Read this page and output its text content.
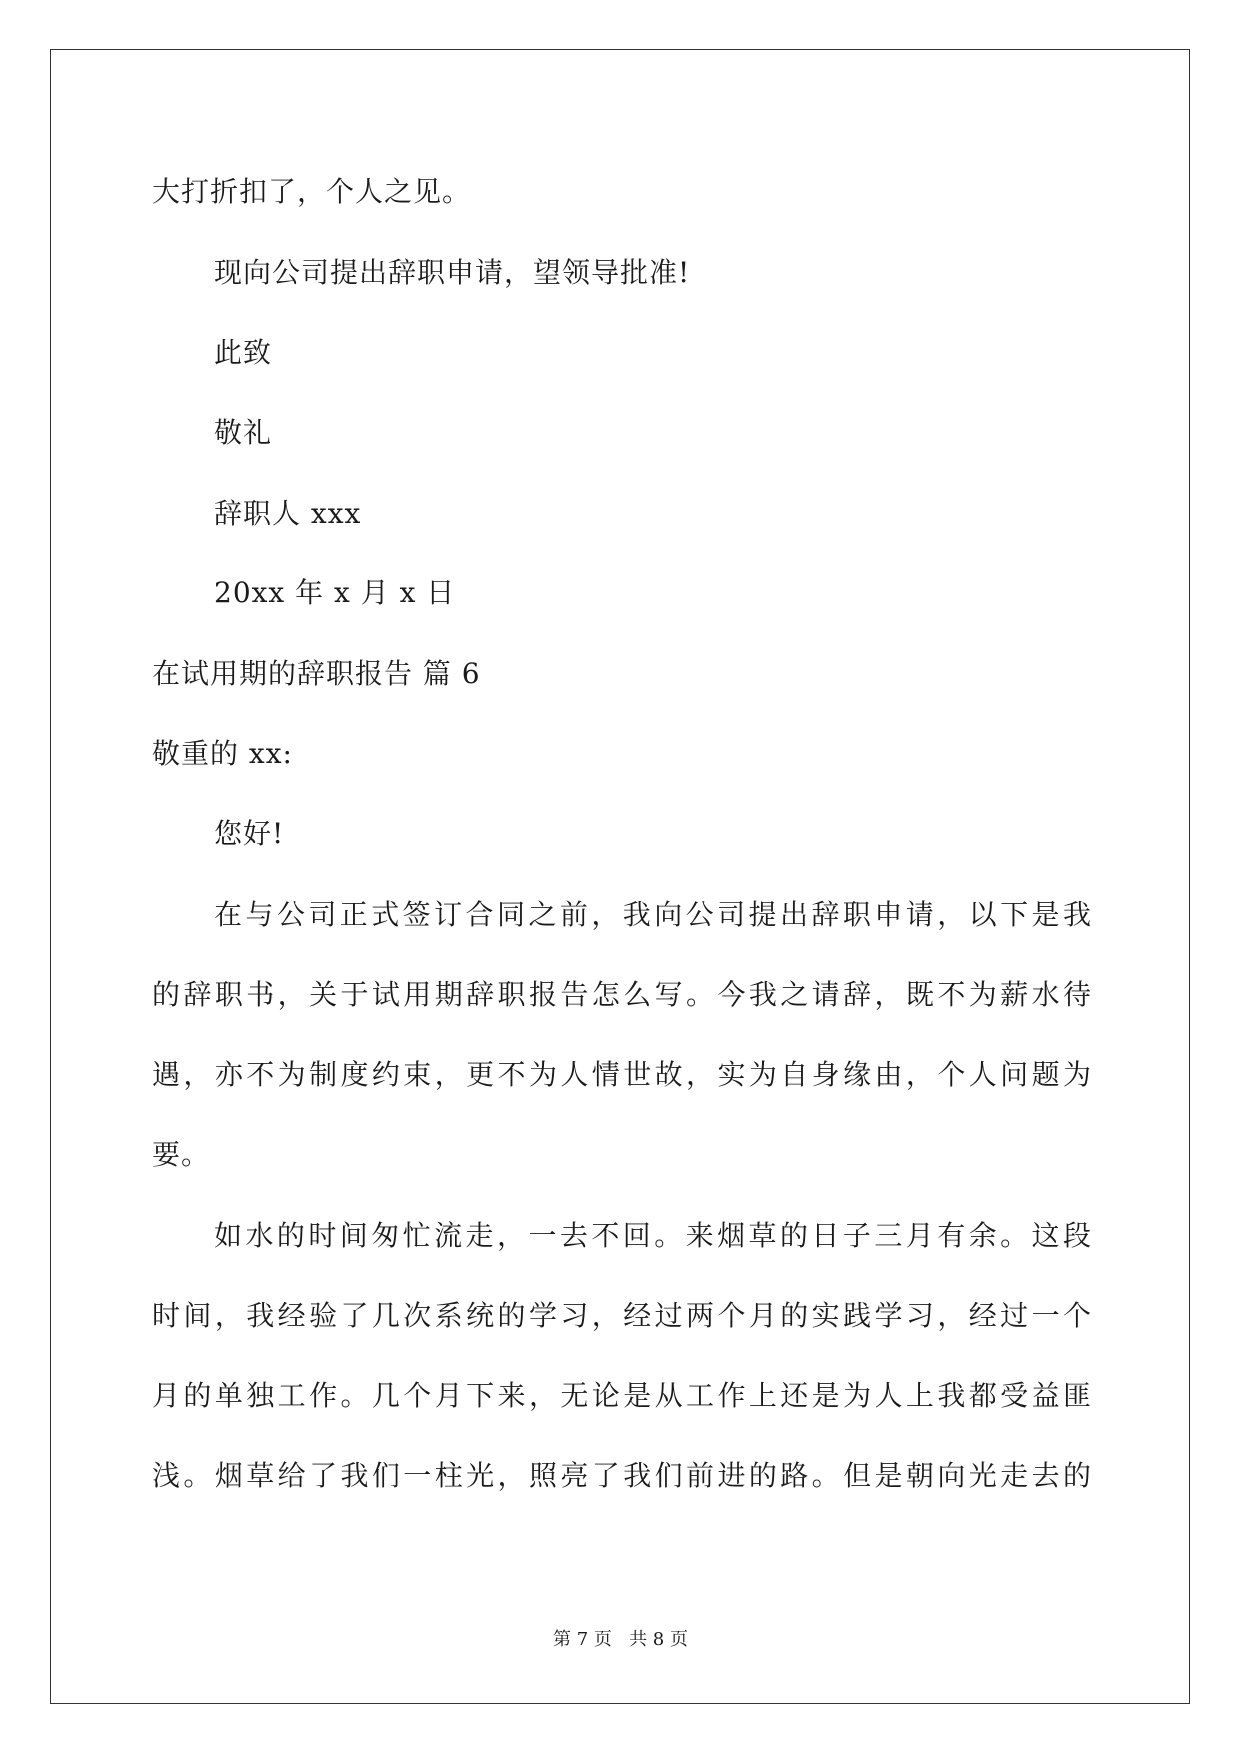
大打折扣了，个人之见。
现向公司提出辞职申请，望领导批准!
此致
敬礼
辞职人 xxx
20xx 年 x 月 x 日
在试用期的辞职报告 篇 6
敬重的 xx:
您好!
在与公司正式签订合同之前，我向公司提出辞职申请，以下是我
的辞职书，关于试用期辞职报告怎么写。今我之请辞，既不为薪水待
遇，亦不为制度约束，更不为人情世故，实为自身缘由，个人问题为
要。
如水的时间匆忙流走，一去不回。来烟草的日子三月有余。这段
时间，我经验了几次系统的学习，经过两个月的实践学习，经过一个
月的单独工作。几个月下来，无论是从工作上还是为人上我都受益匪
浅。烟草给了我们一柱光，照亮了我们前进的路。但是朝向光走去的
第 7 页   共 8 页
